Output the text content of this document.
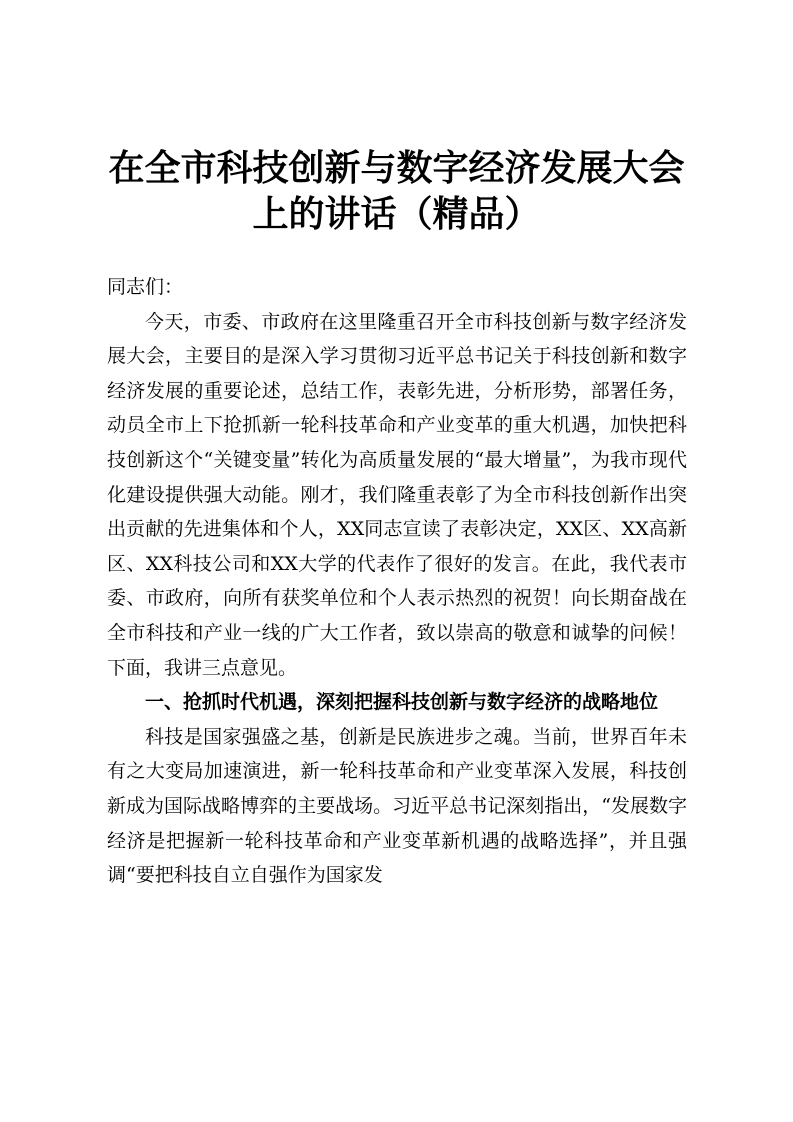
在全市科技创新与数字经济发展大会
上的讲话（精品）

同志们：

今天，市委、市政府在这里隆重召开全市科技创新与数字经济发展大会，主要目的是深入学习贯彻习近平总书记关于科技创新和数字经济发展的重要论述，总结工作，表彰先进，分析形势，部署任务，动员全市上下抢抓新一轮科技革命和产业变革的重大机遇，加快把科技创新这个“关键变量”转化为高质量发展的“最大增量”，为我市现代化建设提供强大动能。刚才，我们隆重表彰了为全市科技创新作出突出贡献的先进集体和个人，XX同志宣读了表彰决定，XX区、XX高新区、XX科技公司和XX大学的代表作了很好的发言。在此，我代表市委、市政府，向所有获奖单位和个人表示热烈的祝贺！向长期奋战在全市科技和产业一线的广大工作者，致以崇高的敬意和诚挚的问候！下面，我讲三点意见。

一、抢抓时代机遇，深刻把握科技创新与数字经济的战略地位

科技是国家强盛之基，创新是民族进步之魂。当前，世界百年未有之大变局加速演进，新一轮科技革命和产业变革深入发展，科技创新成为国际战略博弈的主要战场。习近平总书记深刻指出，“发展数字经济是把握新一轮科技革命和产业变革新机遇的战略选择”，并且强调“要把科技自立自强作为国家发
